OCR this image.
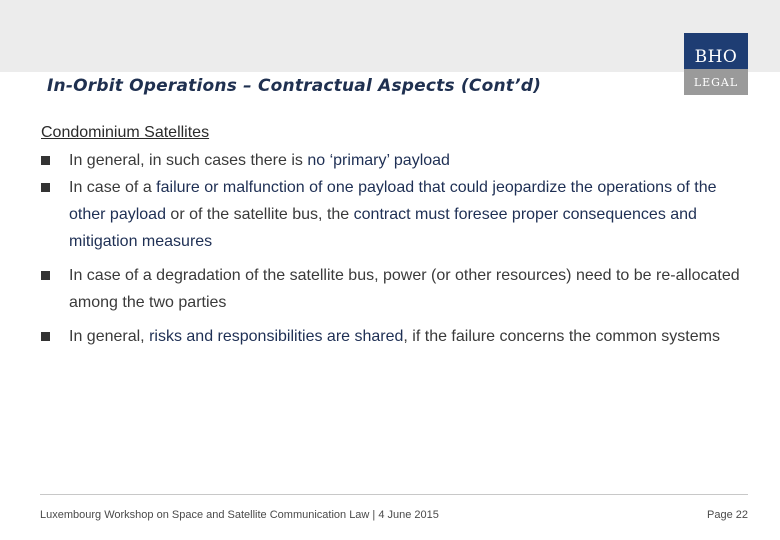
In-Orbit Operations – Contractual Aspects (Cont’d)
BHO
LEGAL
Condominium Satellites
In general, in such cases there is no ‘primary’ payload
In case of a failure or malfunction of one payload that could jeopardize the operations of the other payload or of the satellite bus, the contract must foresee proper consequences and mitigation measures
In case of a degradation of the satellite bus, power (or other resources) need to be re-allocated among the two parties
In general, risks and responsibilities are shared, if the failure concerns the common systems
Luxembourg Workshop on Space and Satellite Communication Law | 4 June 2015	Page 22
